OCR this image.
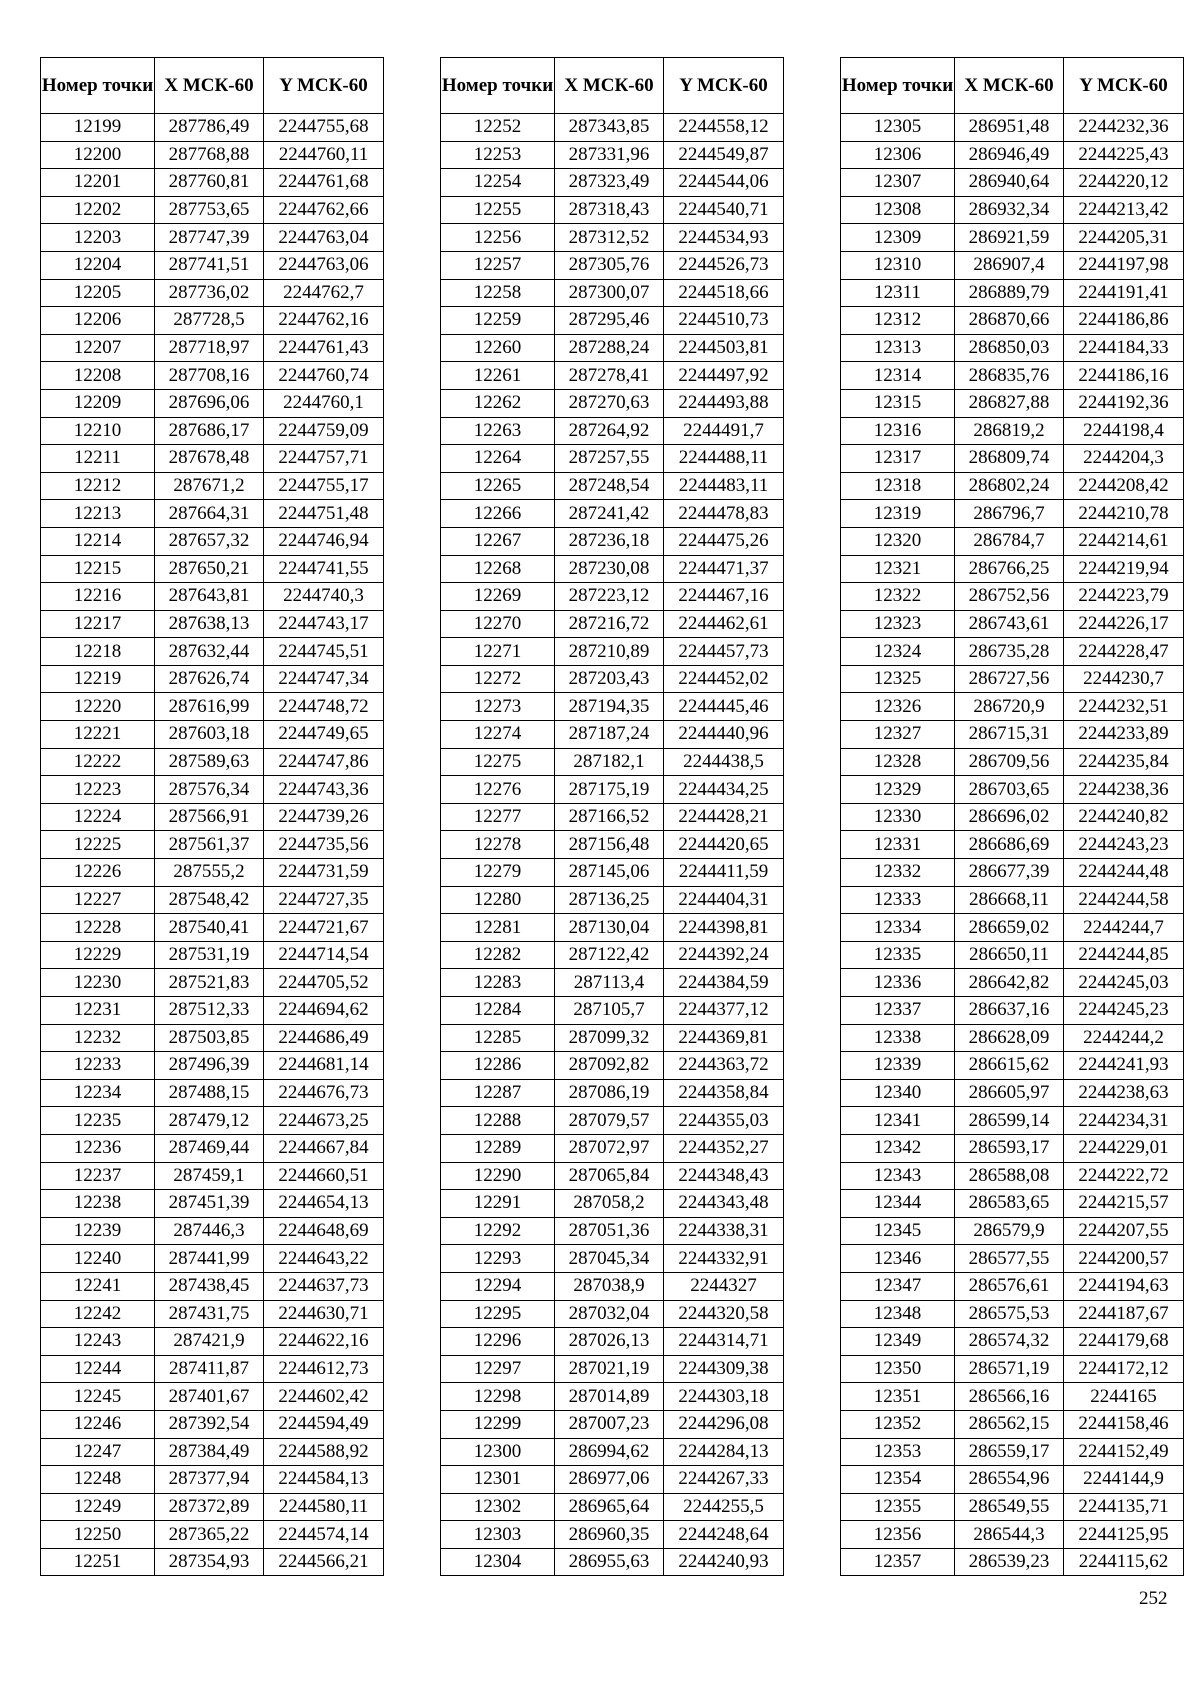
Номер точки	X МСК-60	Y МСК-60
12199	287786,49	2244755,68
12200	287768,88	2244760,11
12201	287760,81	2244761,68
12202	287753,65	2244762,66
12203	287747,39	2244763,04
12204	287741,51	2244763,06
12205	287736,02	2244762,7
12206	287728,5	2244762,16
12207	287718,97	2244761,43
12208	287708,16	2244760,74
12209	287696,06	2244760,1
12210	287686,17	2244759,09
12211	287678,48	2244757,71
12212	287671,2	2244755,17
12213	287664,31	2244751,48
12214	287657,32	2244746,94
12215	287650,21	2244741,55
12216	287643,81	2244740,3
12217	287638,13	2244743,17
12218	287632,44	2244745,51
12219	287626,74	2244747,34
12220	287616,99	2244748,72
12221	287603,18	2244749,65
12222	287589,63	2244747,86
12223	287576,34	2244743,36
12224	287566,91	2244739,26
12225	287561,37	2244735,56
12226	287555,2	2244731,59
12227	287548,42	2244727,35
12228	287540,41	2244721,67
12229	287531,19	2244714,54
12230	287521,83	2244705,52
12231	287512,33	2244694,62
12232	287503,85	2244686,49
12233	287496,39	2244681,14
12234	287488,15	2244676,73
12235	287479,12	2244673,25
12236	287469,44	2244667,84
12237	287459,1	2244660,51
12238	287451,39	2244654,13
12239	287446,3	2244648,69
12240	287441,99	2244643,22
12241	287438,45	2244637,73
12242	287431,75	2244630,71
12243	287421,9	2244622,16
12244	287411,87	2244612,73
12245	287401,67	2244602,42
12246	287392,54	2244594,49
12247	287384,49	2244588,92
12248	287377,94	2244584,13
12249	287372,89	2244580,11
12250	287365,22	2244574,14
12251	287354,93	2244566,21
Номер точки	X МСК-60	Y МСК-60
12252	287343,85	2244558,12
12253	287331,96	2244549,87
12254	287323,49	2244544,06
12255	287318,43	2244540,71
12256	287312,52	2244534,93
12257	287305,76	2244526,73
12258	287300,07	2244518,66
12259	287295,46	2244510,73
12260	287288,24	2244503,81
12261	287278,41	2244497,92
12262	287270,63	2244493,88
12263	287264,92	2244491,7
12264	287257,55	2244488,11
12265	287248,54	2244483,11
12266	287241,42	2244478,83
12267	287236,18	2244475,26
12268	287230,08	2244471,37
12269	287223,12	2244467,16
12270	287216,72	2244462,61
12271	287210,89	2244457,73
12272	287203,43	2244452,02
12273	287194,35	2244445,46
12274	287187,24	2244440,96
12275	287182,1	2244438,5
12276	287175,19	2244434,25
12277	287166,52	2244428,21
12278	287156,48	2244420,65
12279	287145,06	2244411,59
12280	287136,25	2244404,31
12281	287130,04	2244398,81
12282	287122,42	2244392,24
12283	287113,4	2244384,59
12284	287105,7	2244377,12
12285	287099,32	2244369,81
12286	287092,82	2244363,72
12287	287086,19	2244358,84
12288	287079,57	2244355,03
12289	287072,97	2244352,27
12290	287065,84	2244348,43
12291	287058,2	2244343,48
12292	287051,36	2244338,31
12293	287045,34	2244332,91
12294	287038,9	2244327
12295	287032,04	2244320,58
12296	287026,13	2244314,71
12297	287021,19	2244309,38
12298	287014,89	2244303,18
12299	287007,23	2244296,08
12300	286994,62	2244284,13
12301	286977,06	2244267,33
12302	286965,64	2244255,5
12303	286960,35	2244248,64
12304	286955,63	2244240,93
Номер точки	X МСК-60	Y МСК-60
12305	286951,48	2244232,36
12306	286946,49	2244225,43
12307	286940,64	2244220,12
12308	286932,34	2244213,42
12309	286921,59	2244205,31
12310	286907,4	2244197,98
12311	286889,79	2244191,41
12312	286870,66	2244186,86
12313	286850,03	2244184,33
12314	286835,76	2244186,16
12315	286827,88	2244192,36
12316	286819,2	2244198,4
12317	286809,74	2244204,3
12318	286802,24	2244208,42
12319	286796,7	2244210,78
12320	286784,7	2244214,61
12321	286766,25	2244219,94
12322	286752,56	2244223,79
12323	286743,61	2244226,17
12324	286735,28	2244228,47
12325	286727,56	2244230,7
12326	286720,9	2244232,51
12327	286715,31	2244233,89
12328	286709,56	2244235,84
12329	286703,65	2244238,36
12330	286696,02	2244240,82
12331	286686,69	2244243,23
12332	286677,39	2244244,48
12333	286668,11	2244244,58
12334	286659,02	2244244,7
12335	286650,11	2244244,85
12336	286642,82	2244245,03
12337	286637,16	2244245,23
12338	286628,09	2244244,2
12339	286615,62	2244241,93
12340	286605,97	2244238,63
12341	286599,14	2244234,31
12342	286593,17	2244229,01
12343	286588,08	2244222,72
12344	286583,65	2244215,57
12345	286579,9	2244207,55
12346	286577,55	2244200,57
12347	286576,61	2244194,63
12348	286575,53	2244187,67
12349	286574,32	2244179,68
12350	286571,19	2244172,12
12351	286566,16	2244165
12352	286562,15	2244158,46
12353	286559,17	2244152,49
12354	286554,96	2244144,9
12355	286549,55	2244135,71
12356	286544,3	2244125,95
12357	286539,23	2244115,62
252
